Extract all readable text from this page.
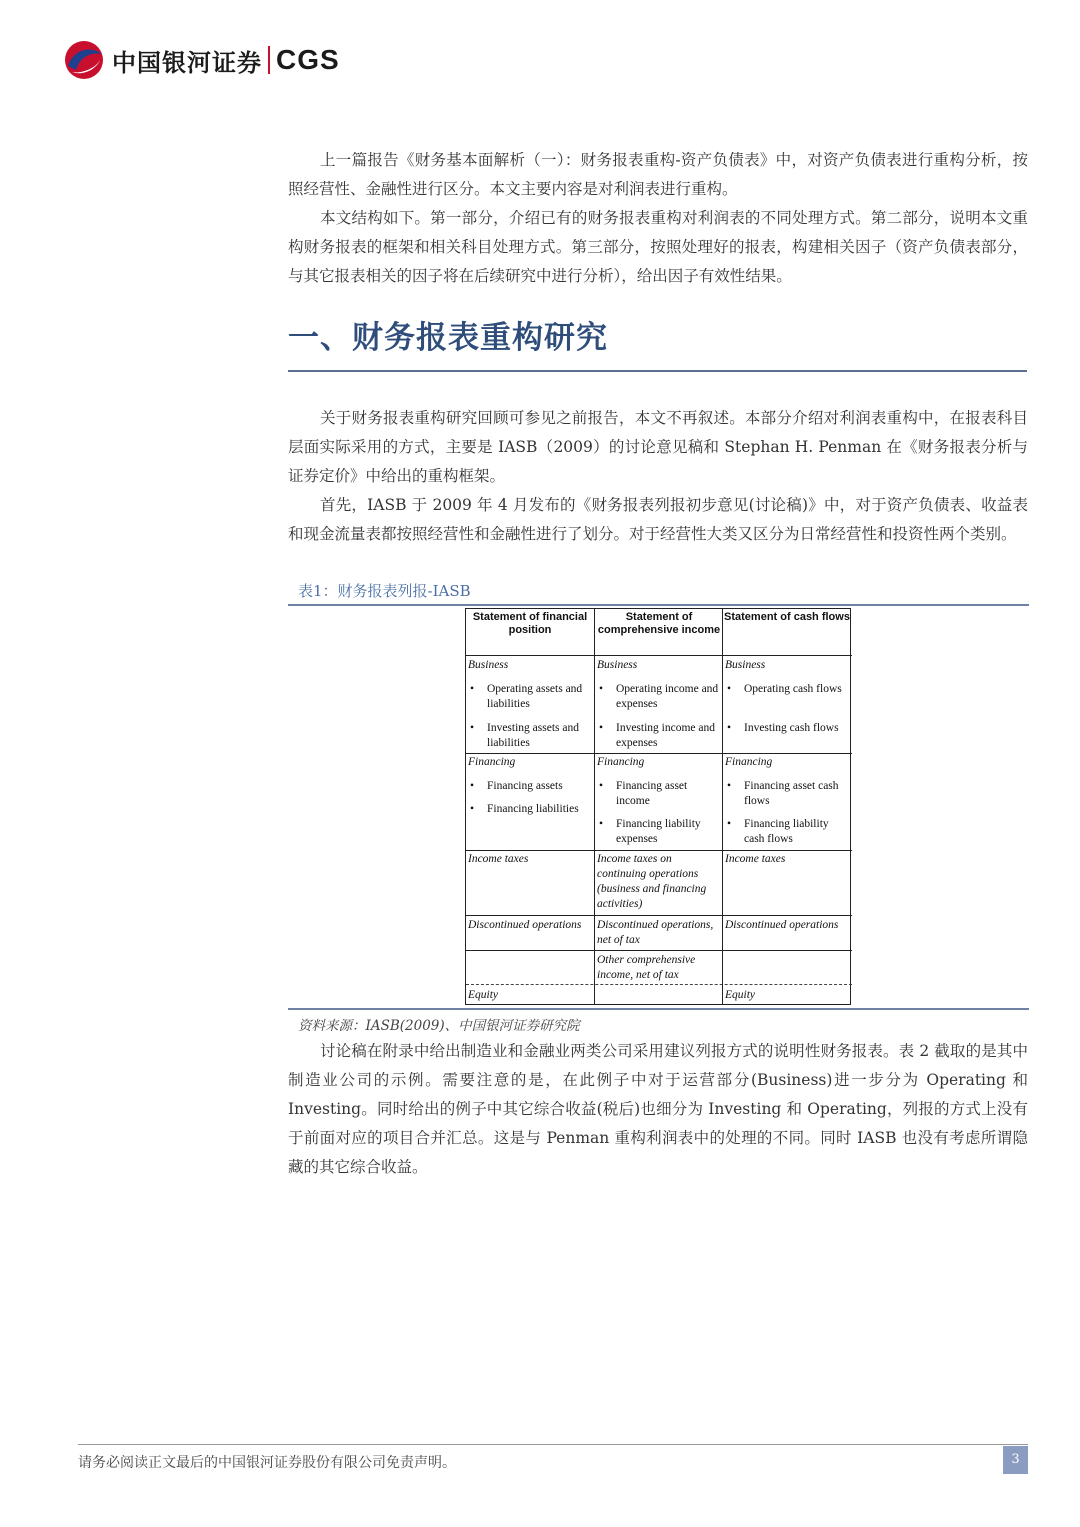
中国银河证券 CGS

上一篇报告《财务基本面解析（一）：财务报表重构-资产负债表》中，对资产负债表进行重构分析，按照经营性、金融性进行区分。本文主要内容是对利润表进行重构。

本文结构如下。第一部分，介绍已有的财务报表重构对利润表的不同处理方式。第二部分，说明本文重构财务报表的框架和相关科目处理方式。第三部分，按照处理好的报表，构建相关因子（资产负债表部分，与其它报表相关的因子将在后续研究中进行分析），给出因子有效性结果。

一、财务报表重构研究

关于财务报表重构研究回顾可参见之前报告，本文不再叙述。本部分介绍对利润表重构中，在报表科目层面实际采用的方式，主要是 IASB（2009）的讨论意见稿和 Stephan H. Penman 在《财务报表分析与证券定价》中给出的重构框架。

首先，IASB 于 2009 年 4 月发布的《财务报表列报初步意见(讨论稿)》中，对于资产负债表、收益表和现金流量表都按照经营性和金融性进行了划分。对于经营性大类又区分为日常经营性和投资性两个类别。

表1：财务报表列报-IASB
Statement of financial position
Business
• Operating assets and liabilities
• Investing assets and liabilities
Financing
• Financing assets
• Financing liabilities
Income taxes
Discontinued operations
Equity
Statement of comprehensive income
Business
• Operating income and expenses
• Investing income and expenses
Financing
• Financing asset income
• Financing liability expenses
Income taxes on continuing operations (business and financing activities)
Discontinued operations, net of tax
Other comprehensive income, net of tax
Statement of cash flows
Business
• Operating cash flows
• Investing cash flows
Financing
• Financing asset cash flows
• Financing liability cash flows
Income taxes
Discontinued operations
Equity
资料来源：IASB(2009)、中国银河证券研究院

讨论稿在附录中给出制造业和金融业两类公司采用建议列报方式的说明性财务报表。表 2 截取的是其中制造业公司的示例。需要注意的是，在此例子中对于运营部分(Business)进一步分为 Operating 和 Investing。同时给出的例子中其它综合收益(税后)也细分为 Investing 和 Operating，列报的方式上没有于前面对应的项目合并汇总。这是与 Penman 重构利润表中的处理的不同。同时 IASB 也没有考虑所谓隐藏的其它综合收益。

请务必阅读正文最后的中国银河证券股份有限公司免责声明。	3
